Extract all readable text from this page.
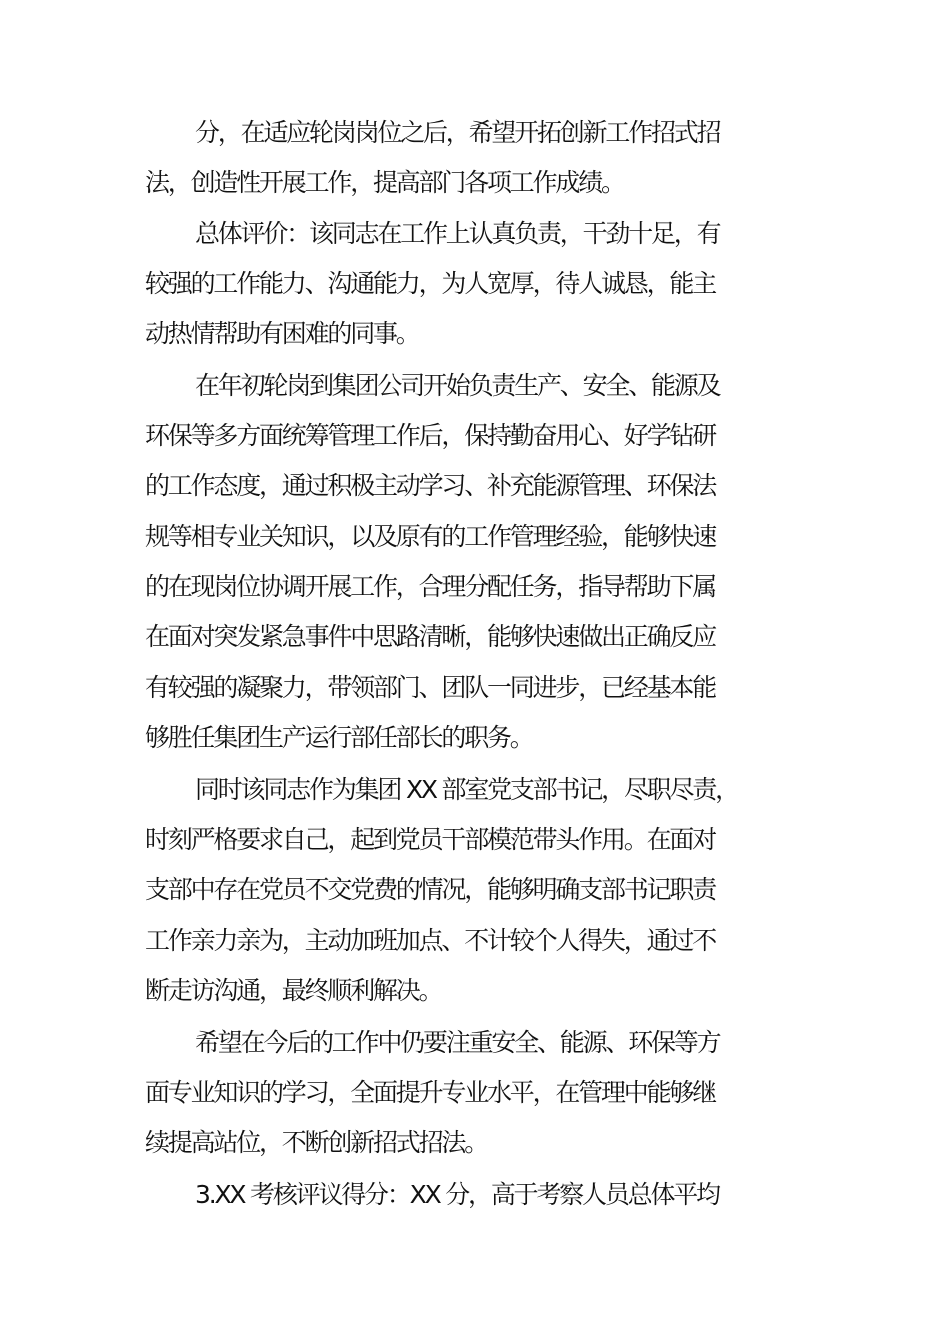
分，在适应轮岗岗位之后，希望开拓创新工作招式招
法，创造性开展工作，提高部门各项工作成绩。
总体评价：该同志在工作上认真负责，干劲十足，有
较强的工作能力、沟通能力，为人宽厚，待人诚恳，能主
动热情帮助有困难的同事。
在年初轮岗到集团公司开始负责生产、安全、能源及
环保等多方面统筹管理工作后，保持勤奋用心、好学钻研
的工作态度，通过积极主动学习、补充能源管理、环保法
规等相专业关知识，以及原有的工作管理经验，能够快速
的在现岗位协调开展工作，合理分配任务，指导帮助下属
在面对突发紧急事件中思路清晰，能够快速做出正确反应
有较强的凝聚力，带领部门、团队一同进步，已经基本能
够胜任集团生产运行部任部长的职务。
同时该同志作为集团 XX 部室党支部书记，尽职尽责，
时刻严格要求自己，起到党员干部模范带头作用。在面对
支部中存在党员不交党费的情况，能够明确支部书记职责
工作亲力亲为，主动加班加点、不计较个人得失，通过不
断走访沟通，最终顺利解决。
希望在今后的工作中仍要注重安全、能源、环保等方
面专业知识的学习，全面提升专业水平，在管理中能够继
续提高站位，不断创新招式招法。
3.XX 考核评议得分：XX 分，高于考察人员总体平均
